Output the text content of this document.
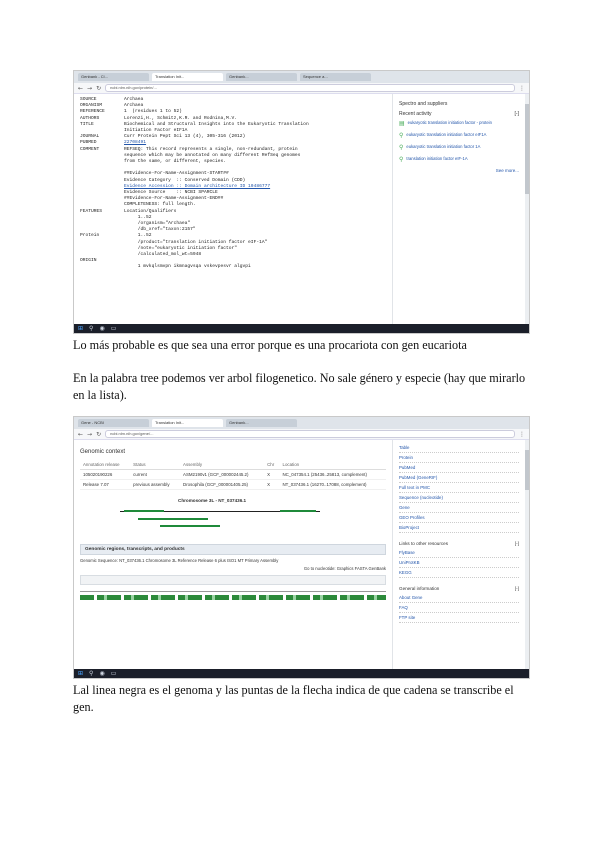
Genbank - Cl...	Translation Init...	Genbank...	Sequence a...
← → ↻	ncbi.nlm.nih.gov/protein/...	⋮
SOURCE	Archaea
ORGANISM	Archaea
REFERENCE	1  (residues 1 to 52)
AUTHORS	Lorenzi,H., Schmitz,K.R. and Rodnina,M.V.
TITLE	Biochemical and Structural Insights into the Eukaryotic Translation
Initiation Factor eIF1A
JOURNAL	Curr Protein Pept Sci 13 (4), 305-316 (2012)
PUBMED	22708491
COMMENT	REFSEQ: This record represents a single, non-redundant, protein
sequence which may be annotated on many different RefSeq genomes
from the same, or different, species.
##Evidence-For-Name-Assignment-START##
Evidence Category  :: Conserved Domain (CDD)
Evidence Accession :: Domain architecture ID 10486777
Evidence Source    :: NCBI SPARCLE
##Evidence-For-Name-Assignment-END##
COMPLETENESS: full length.
FEATURES	Location/Qualifiers
1..52
/organism="Archaea"
/db_xref="taxon:2157"
Protein	1..52
/product="translation initiation factor eIF-1A"
/note="eukaryotic initiation factor"
/calculated_mol_wt=5948
ORIGIN
1 mvkqlsmvpn ikmnagvsqa vskevpesvr algvpi
Spectro and suppliers
Recent activity	[-]
▤ eukaryotic translation initiation factor - protein
⚲ eukaryotic translation initiation factor eIF1A
⚲ eukaryotic translation initiation factor 1A
⚲ translation initiation factor eIF-1A
See more...
⊞ ⚲ ◉ ▭
Lo más probable es que sea una error porque es una procariota con gen eucariota
En la palabra tree podemos ver arbol filogenetico. No sale género y especie (hay que mirarlo en la lista).
Gene - NCBI	Translation Init...	Genbank...
← → ↻	ncbi.nlm.nih.gov/gene/...	⋮
Genomic context
Annotation release	Status	Assembly	Chr	Location
105020190226	current	ASM2190v1 (GCF_000002445.2)	X	NC_047354.1 (25436..25813, complement)
Release 7.07	previous assembly	Drosophila (GCF_000001405.25)	X	NT_037436.1 (16270..17088, complement)
Chromosome 3L - NT_037436.1
Genomic regions, transcripts, and products
Genomic Sequence: NT_037436.1 Chromosome 3L Reference Release 6 plus ISO1 MT Primary Assembly
Go to nucleotide: Graphics FASTA GenBank
Table
Protein
PubMed
PubMed (GeneRIF)
Full text in PMC
Sequence (nucleotide)
Gene
GEO Profiles
BioProject
Links to other resources	[-]
FlyBase
UniProtKB
KEGG
General information	[-]
About Gene
FAQ
FTP site
⊞ ⚲ ◉ ▭
Lal linea negra es el genoma y las puntas de la flecha indica de que cadena se transcribe el gen.
